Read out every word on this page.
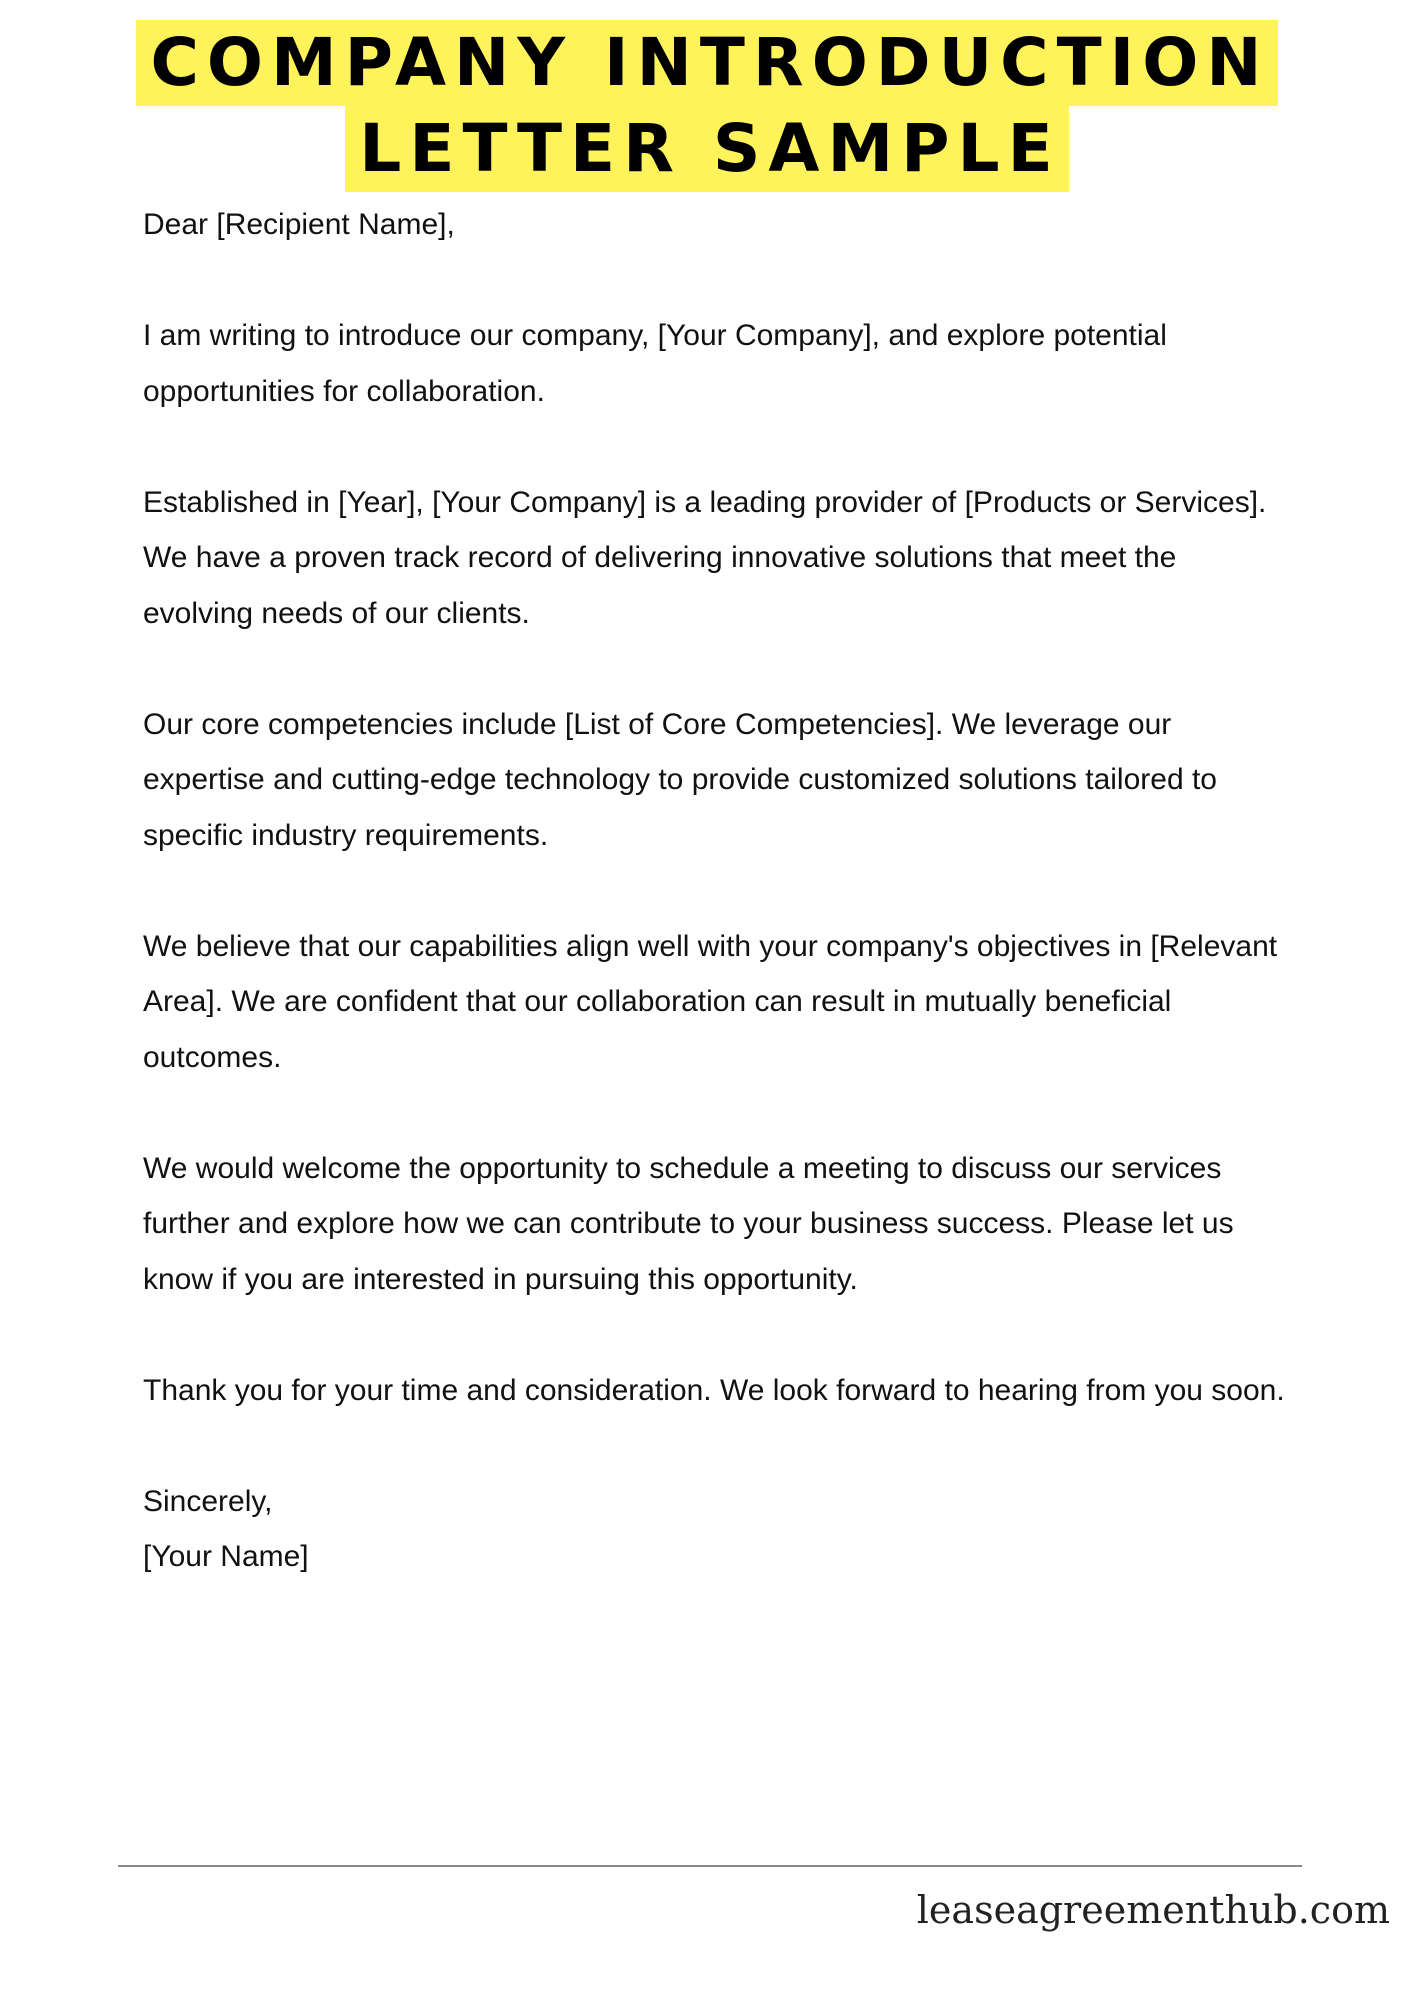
COMPANY INTRODUCTION
LETTER SAMPLE

Dear [Recipient Name],

I am writing to introduce our company, [Your Company], and explore potential opportunities for collaboration.

Established in [Year], [Your Company] is a leading provider of [Products or Services]. We have a proven track record of delivering innovative solutions that meet the evolving needs of our clients.

Our core competencies include [List of Core Competencies]. We leverage our expertise and cutting-edge technology to provide customized solutions tailored to specific industry requirements.

We believe that our capabilities align well with your company's objectives in [Relevant Area]. We are confident that our collaboration can result in mutually beneficial outcomes.

We would welcome the opportunity to schedule a meeting to discuss our services further and explore how we can contribute to your business success. Please let us know if you are interested in pursuing this opportunity.

Thank you for your time and consideration. We look forward to hearing from you soon.

Sincerely,

[Your Name]

leaseagreementhub.com
